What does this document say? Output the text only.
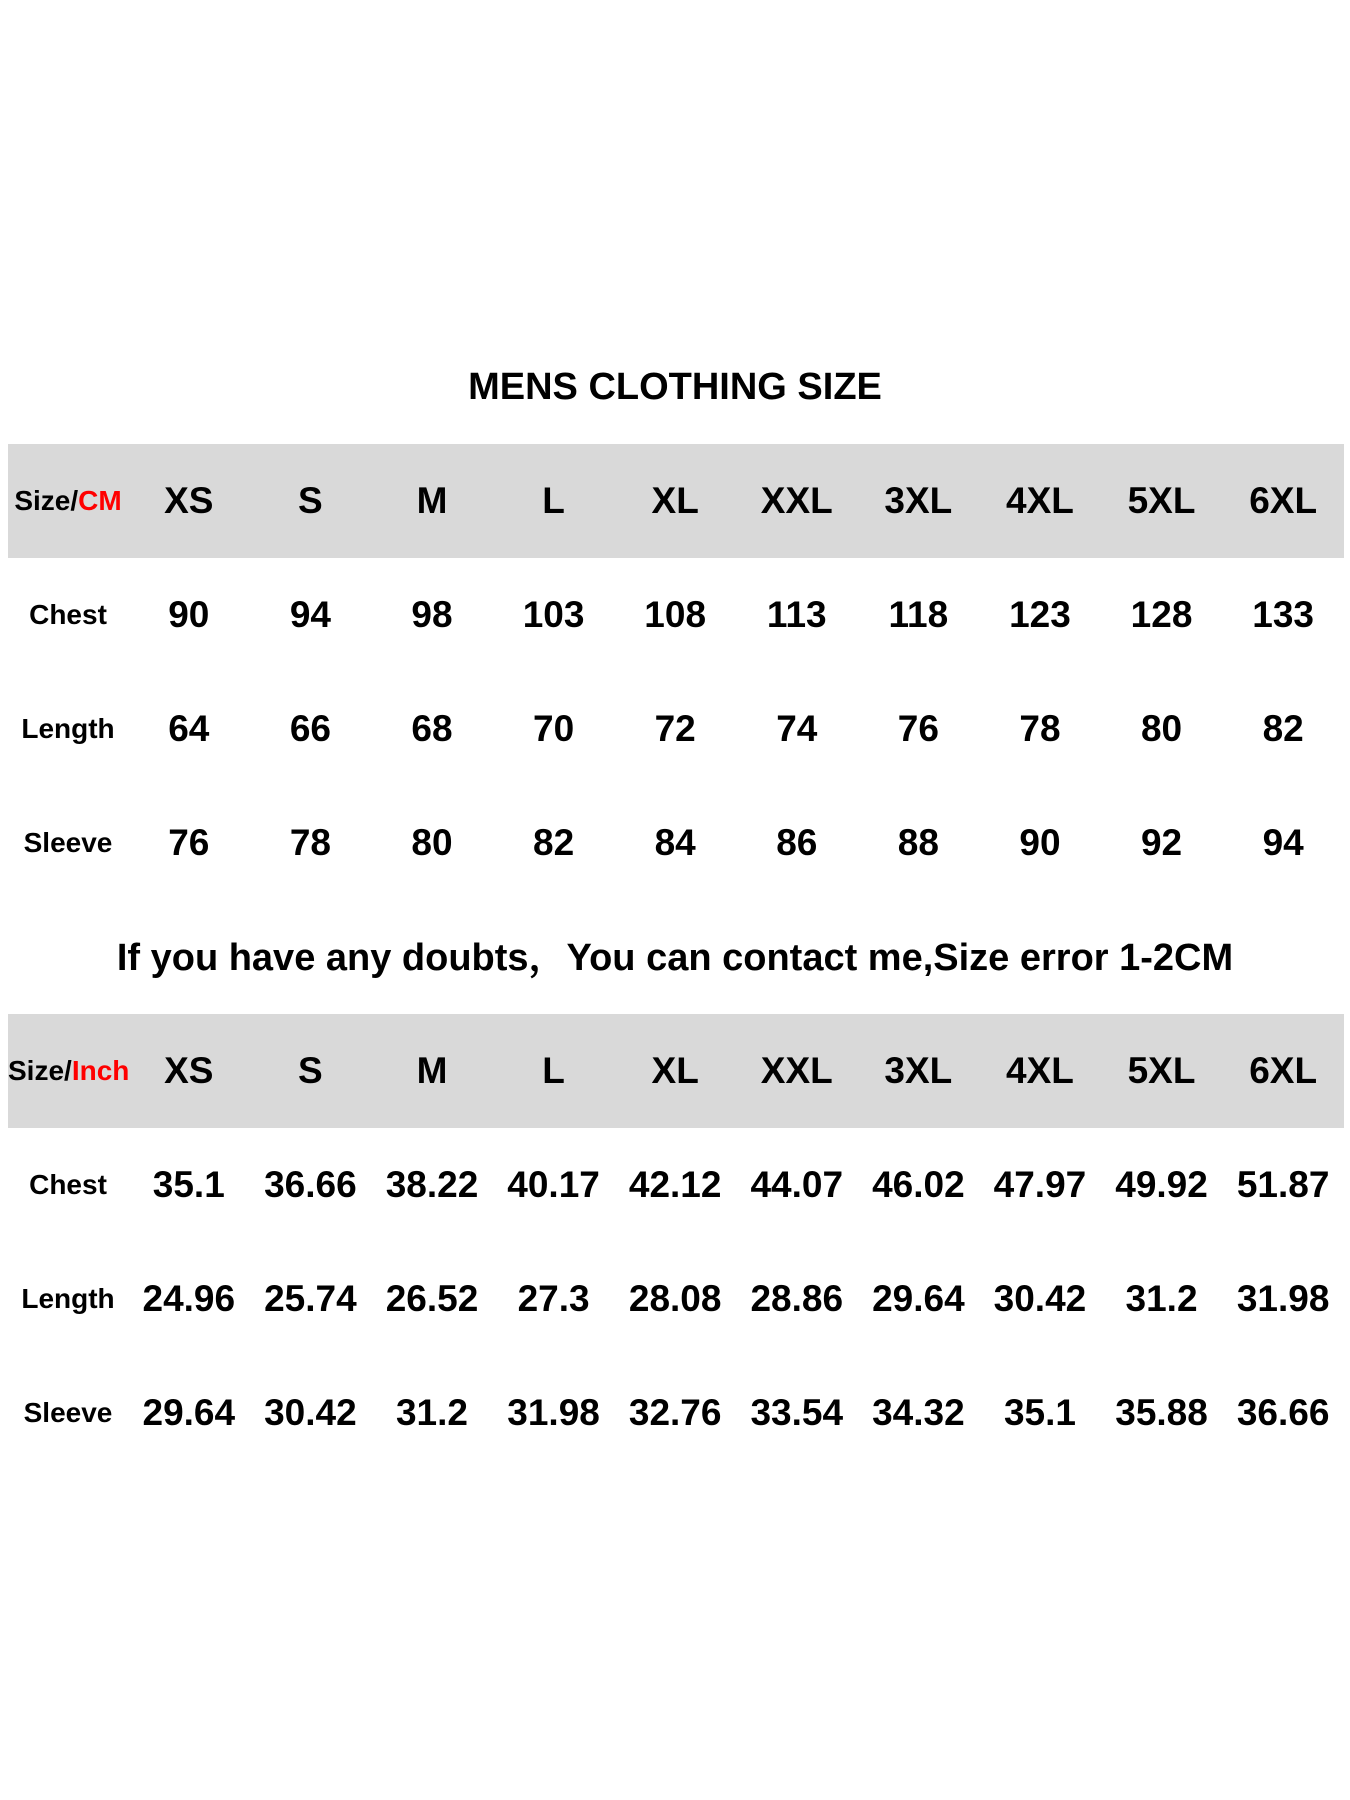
MENS CLOTHING SIZE
Size/CM	XS	S	M	L	XL	XXL	3XL	4XL	5XL	6XL
Chest	90	94	98	103	108	113	118	123	128	133
Length	64	66	68	70	72	74	76	78	80	82
Sleeve	76	78	80	82	84	86	88	90	92	94
If you have any doubts，You can contact me,Size error 1-2CM
Size/Inch XS	S	M	L	XL	XXL	3XL	4XL	5XL	6XL
Chest	35.1	36.66 38.22 40.17 42.12 44.07 46.02 47.97 49.92 51.87
Length 24.96 25.74 26.52	27.3	28.08 28.86 29.64 30.42	31.2	31.98
Sleeve 29.64 30.42	31.2	31.98 32.76 33.54 34.32	35.1	35.88 36.66
